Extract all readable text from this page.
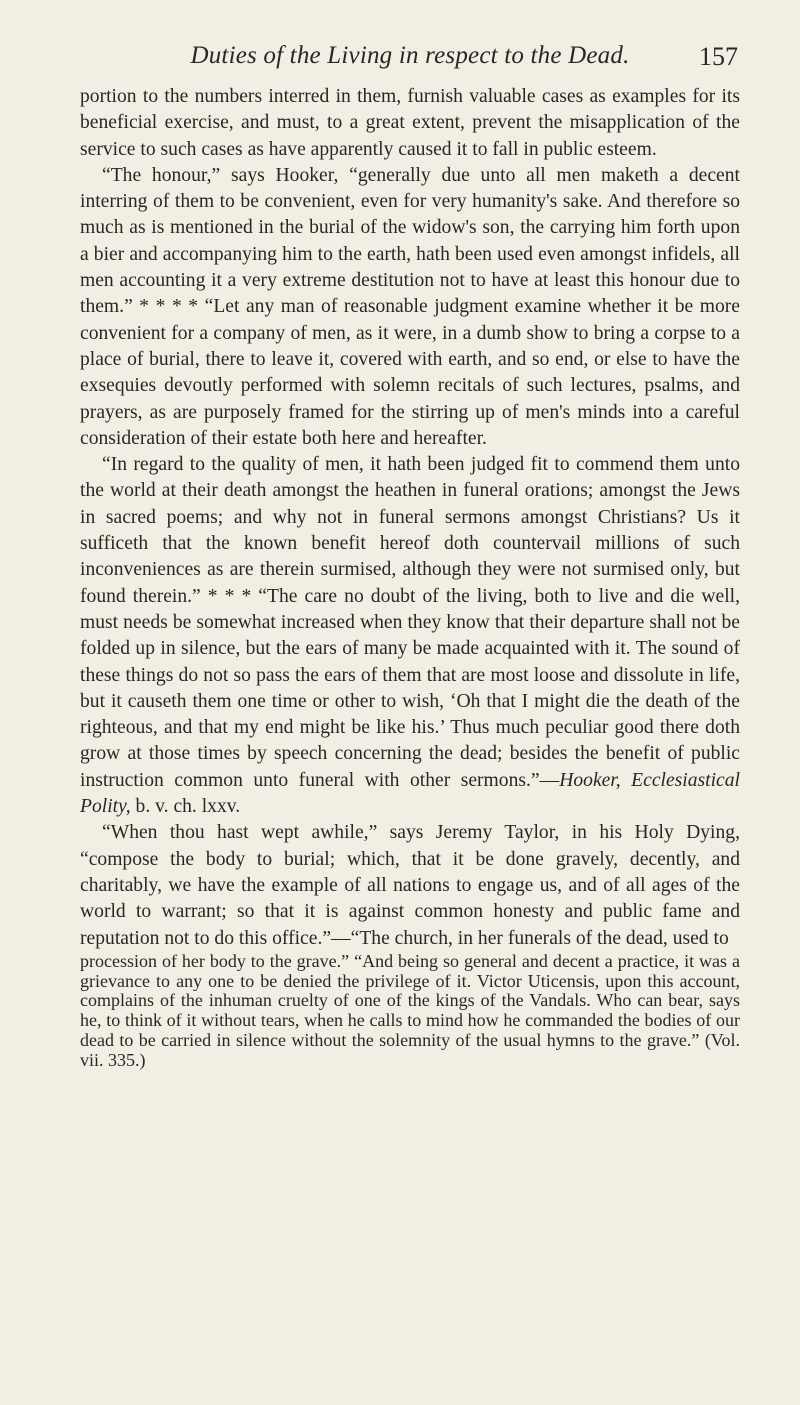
Duties of the Living in respect to the Dead.	157

portion to the numbers interred in them, furnish valuable cases as examples for its beneficial exercise, and must, to a great extent, prevent the misapplication of the service to such cases as have apparently caused it to fall in public esteem.

“The honour,” says Hooker, “generally due unto all men maketh a decent interring of them to be convenient, even for very humanity's sake. And therefore so much as is mentioned in the burial of the widow's son, the carrying him forth upon a bier and accompanying him to the earth, hath been used even amongst infidels, all men accounting it a very extreme destitution not to have at least this honour due to them.” * * * * “Let any man of reasonable judgment examine whether it be more convenient for a company of men, as it were, in a dumb show to bring a corpse to a place of burial, there to leave it, covered with earth, and so end, or else to have the exsequies devoutly performed with solemn recitals of such lectures, psalms, and prayers, as are purposely framed for the stirring up of men's minds into a careful consideration of their estate both here and hereafter.

“In regard to the quality of men, it hath been judged fit to commend them unto the world at their death amongst the heathen in funeral orations; amongst the Jews in sacred poems; and why not in funeral sermons amongst Christians? Us it sufficeth that the known benefit hereof doth countervail millions of such inconveniences as are therein surmised, although they were not surmised only, but found therein.” * * * “The care no doubt of the living, both to live and die well, must needs be somewhat increased when they know that their departure shall not be folded up in silence, but the ears of many be made acquainted with it. The sound of these things do not so pass the ears of them that are most loose and dissolute in life, but it causeth them one time or other to wish, ‘Oh that I might die the death of the righteous, and that my end might be like his.’ Thus much peculiar good there doth grow at those times by speech concerning the dead; besides the benefit of public instruction common unto funeral with other sermons.”—Hooker, Ecclesiastical Polity, b. v. ch. lxxv.

“When thou hast wept awhile,” says Jeremy Taylor, in his Holy Dying, “compose the body to burial; which, that it be done gravely, decently, and charitably, we have the example of all nations to engage us, and of all ages of the world to warrant; so that it is against common honesty and public fame and reputation not to do this office.”—“The church, in her funerals of the dead, used to

procession of her body to the grave.” “And being so general and decent a practice, it was a grievance to any one to be denied the privilege of it. Victor Uticensis, upon this account, complains of the inhuman cruelty of one of the kings of the Vandals. Who can bear, says he, to think of it without tears, when he calls to mind how he commanded the bodies of our dead to be carried in silence without the solemnity of the usual hymns to the grave.” (Vol. vii. 335.)
